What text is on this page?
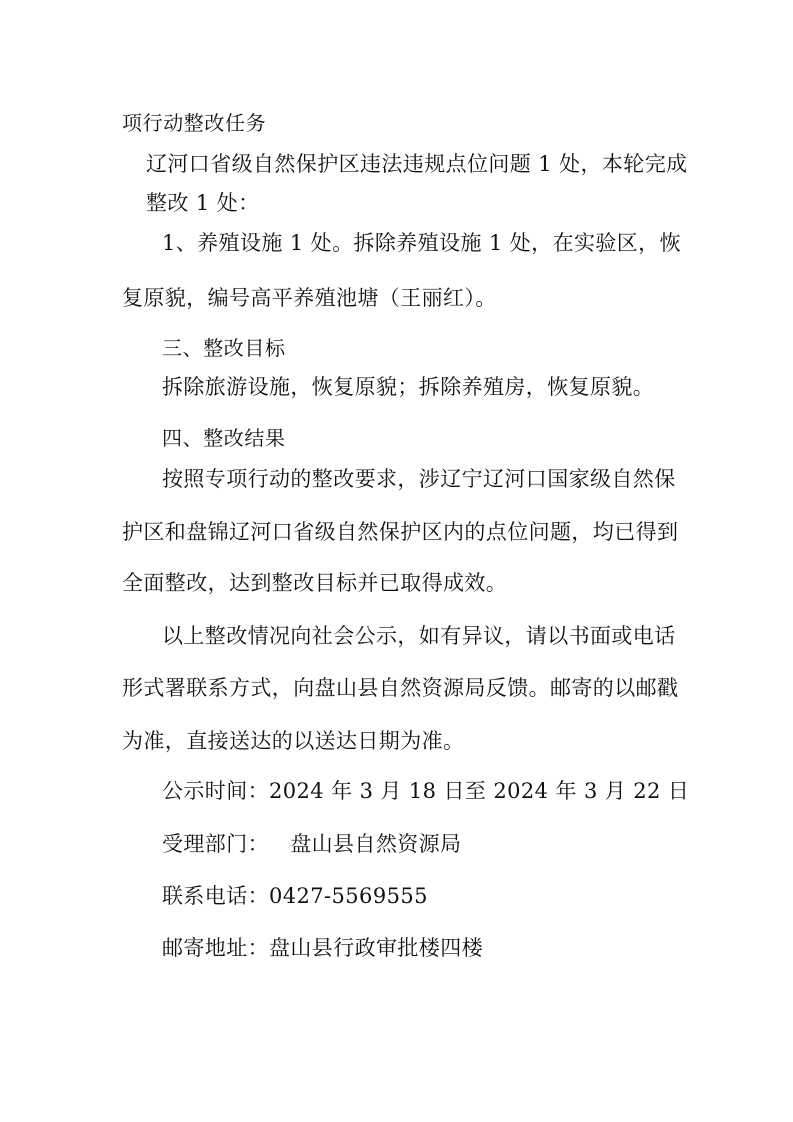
项行动整改任务
辽河口省级自然保护区违法违规点位问题 1 处，本轮完成
整改 1 处：
1、养殖设施 1 处。拆除养殖设施 1 处，在实验区，恢
复原貌，编号高平养殖池塘（王丽红）。
三、整改目标
拆除旅游设施，恢复原貌；拆除养殖房，恢复原貌。
四、整改结果
按照专项行动的整改要求，涉辽宁辽河口国家级自然保
护区和盘锦辽河口省级自然保护区内的点位问题，均已得到
全面整改，达到整改目标并已取得成效。
以上整改情况向社会公示，如有异议，请以书面或电话
形式署联系方式，向盘山县自然资源局反馈。邮寄的以邮戳
为准，直接送达的以送达日期为准。
公示时间：2024 年 3 月 18 日至 2024 年 3 月 22 日
受理部门：   盘山县自然资源局
联系电话：0427-5569555
邮寄地址：盘山县行政审批楼四楼
